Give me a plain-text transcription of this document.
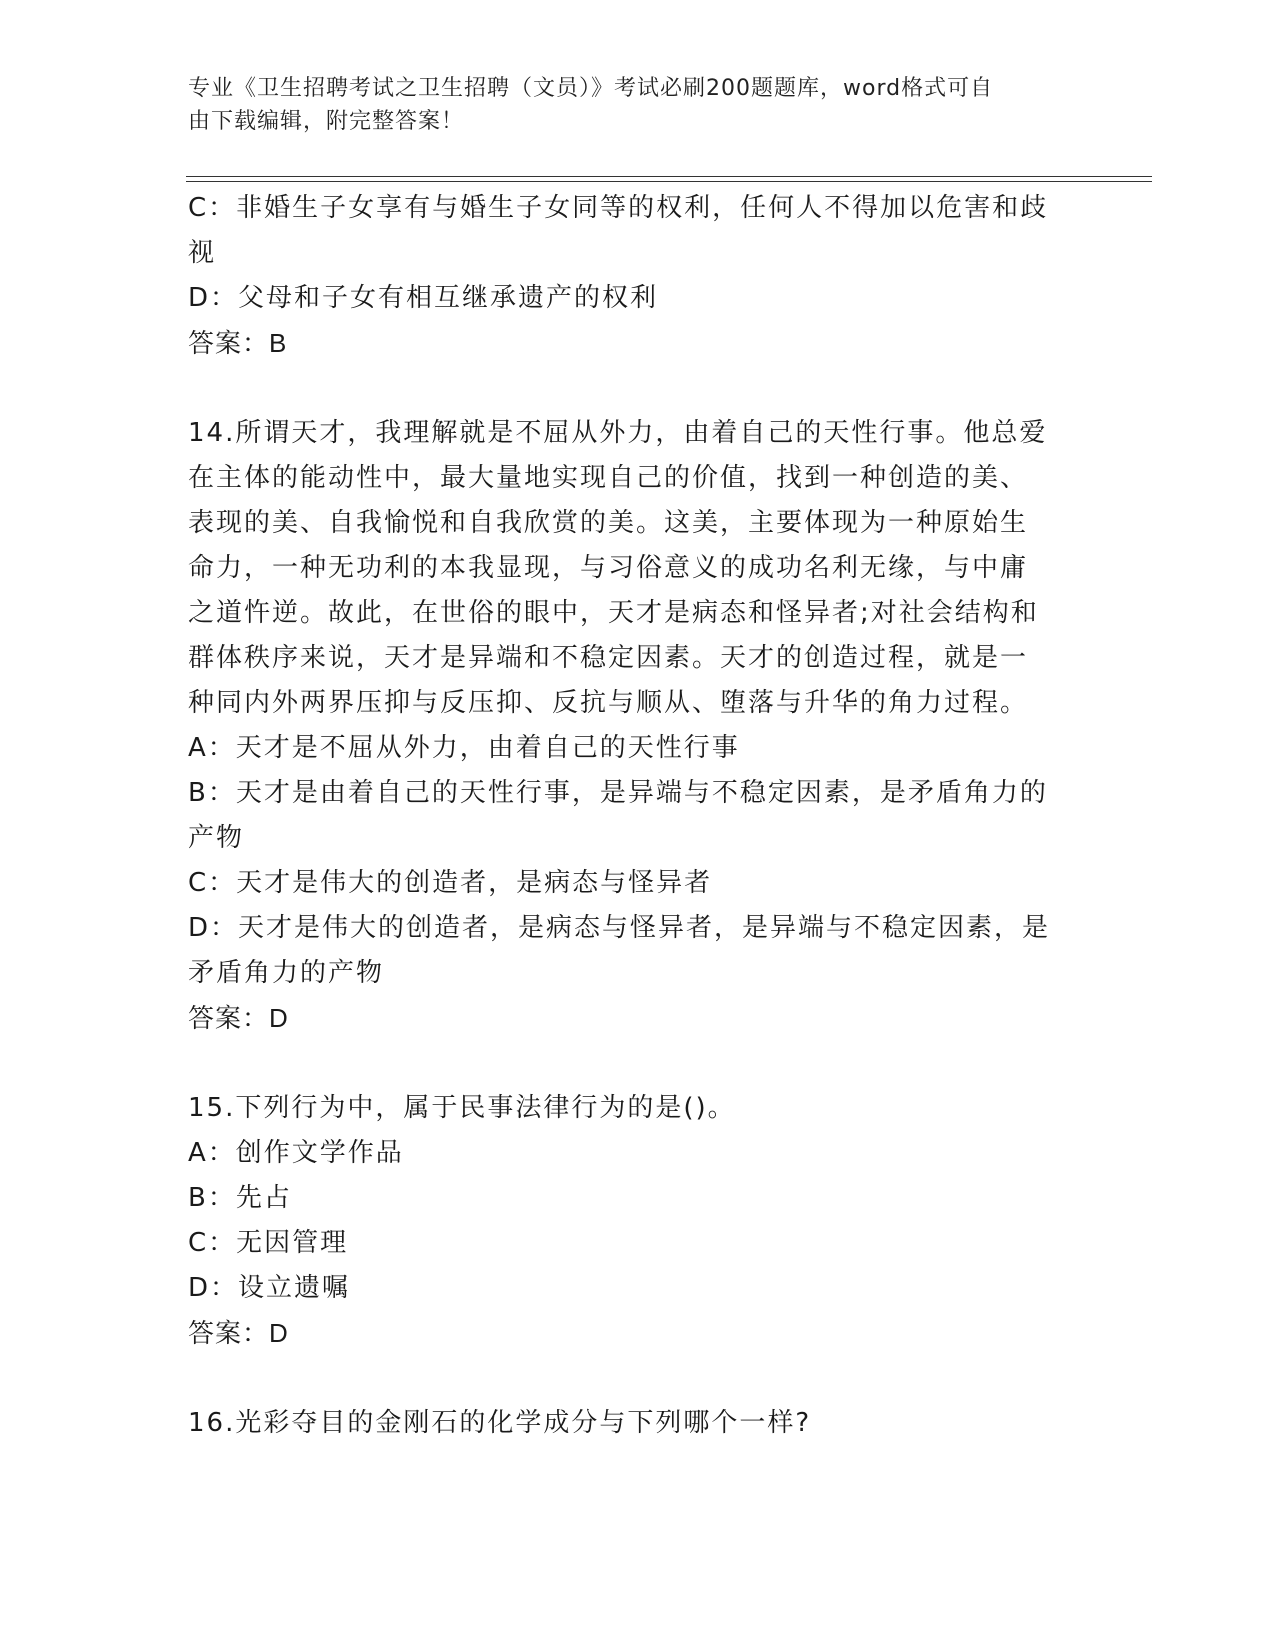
专业《卫生招聘考试之卫生招聘（文员）》考试必刷200题题库，word格式可自
由下载编辑，附完整答案！
C：非婚生子女享有与婚生子女同等的权利，任何人不得加以危害和歧
视
D：父母和子女有相互继承遗产的权利
答案：B
14.所谓天才，我理解就是不屈从外力，由着自己的天性行事。他总爱
在主体的能动性中，最大量地实现自己的价值，找到一种创造的美、
表现的美、自我愉悦和自我欣赏的美。这美，主要体现为一种原始生
命力，一种无功利的本我显现，与习俗意义的成功名利无缘，与中庸
之道忤逆。故此，在世俗的眼中，天才是病态和怪异者;对社会结构和
群体秩序来说，天才是异端和不稳定因素。天才的创造过程，就是一
种同内外两界压抑与反压抑、反抗与顺从、堕落与升华的角力过程。
A：天才是不屈从外力，由着自己的天性行事
B：天才是由着自己的天性行事，是异端与不稳定因素，是矛盾角力的
产物
C：天才是伟大的创造者，是病态与怪异者
D：天才是伟大的创造者，是病态与怪异者，是异端与不稳定因素，是
矛盾角力的产物
答案：D
15.下列行为中，属于民事法律行为的是()。
A：创作文学作品
B：先占
C：无因管理
D：设立遗嘱
答案：D
16.光彩夺目的金刚石的化学成分与下列哪个一样?
